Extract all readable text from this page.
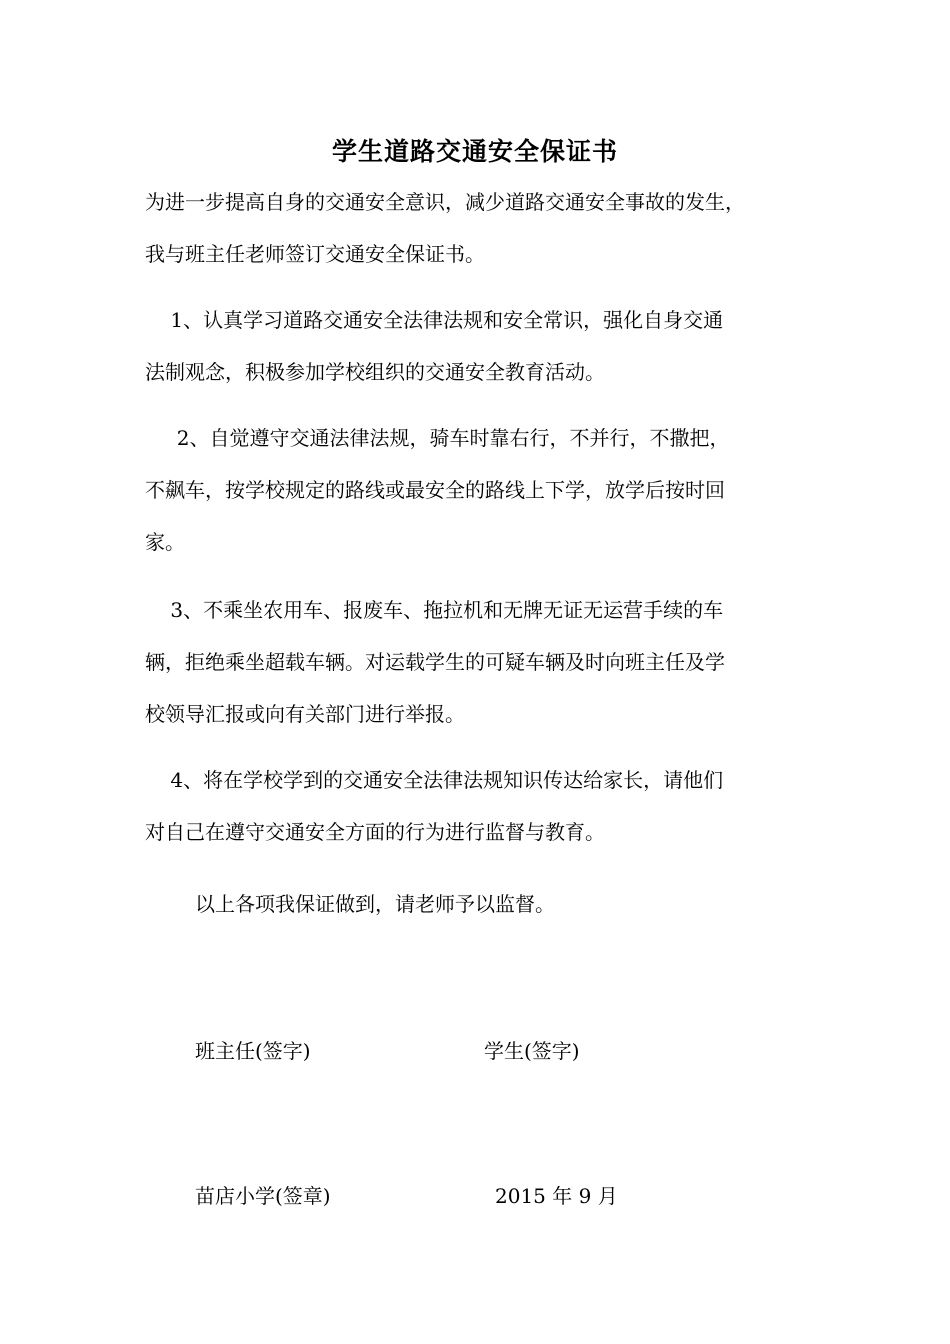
学生道路交通安全保证书
为进一步提高自身的交通安全意识，减少道路交通安全事故的发生，
我与班主任老师签订交通安全保证书。
1、认真学习道路交通安全法律法规和安全常识，强化自身交通
法制观念，积极参加学校组织的交通安全教育活动。
2、自觉遵守交通法律法规，骑车时靠右行，不并行，不撒把，
不飙车，按学校规定的路线或最安全的路线上下学，放学后按时回
家。
3、不乘坐农用车、报废车、拖拉机和无牌无证无运营手续的车
辆，拒绝乘坐超载车辆。对运载学生的可疑车辆及时向班主任及学
校领导汇报或向有关部门进行举报。
4、将在学校学到的交通安全法律法规知识传达给家长，请他们
对自己在遵守交通安全方面的行为进行监督与教育。
以上各项我保证做到，请老师予以监督。
班主任(签字)	学生(签字)
苗店小学(签章)	2015 年 9 月
